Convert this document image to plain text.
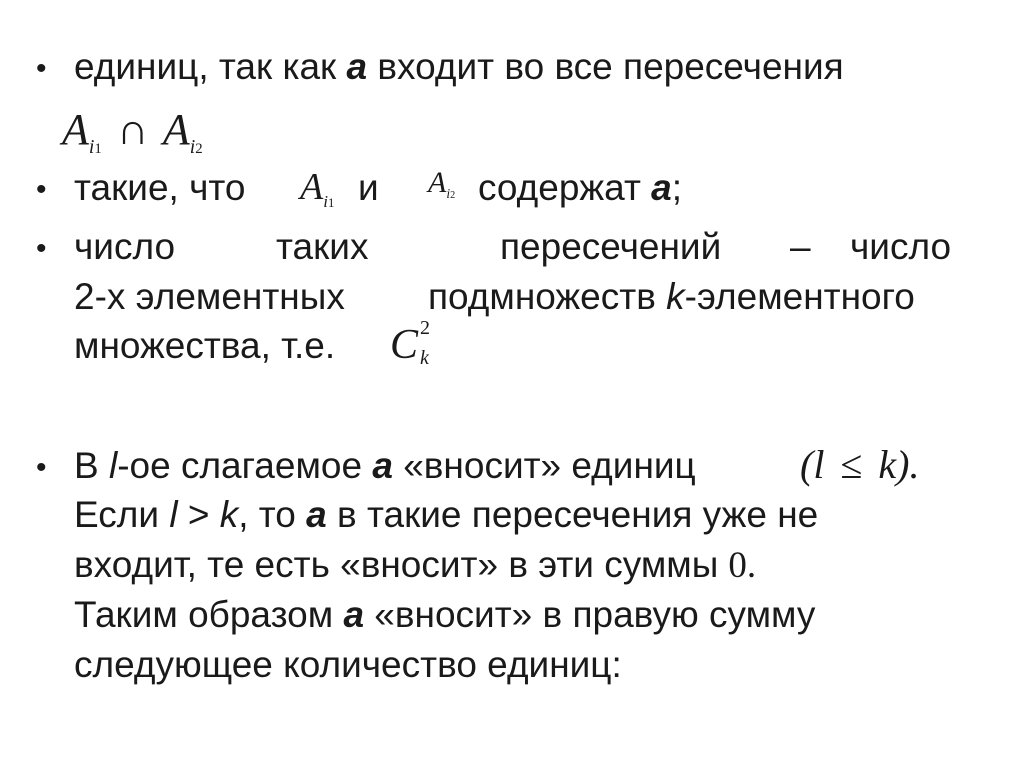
• единиц, так как a входит во все пересечения
$A_{i1}$ ∩ $A_{i2}$
• такие, что $A_{i1}$ и $A_{i2}$ содержат a;
• число	таких	пересечений – число
2-х элементных подмножеств k-элементного
множества, т.е. C 2
k
• В l-ое слагаемое a «вносит» единиц	(l ≤ k).
Если l > k, то a в такие пересечения уже не
входит, те есть «вносит» в эти суммы 0.
Таким образом a «вносит» в правую сумму
следующее количество единиц:
